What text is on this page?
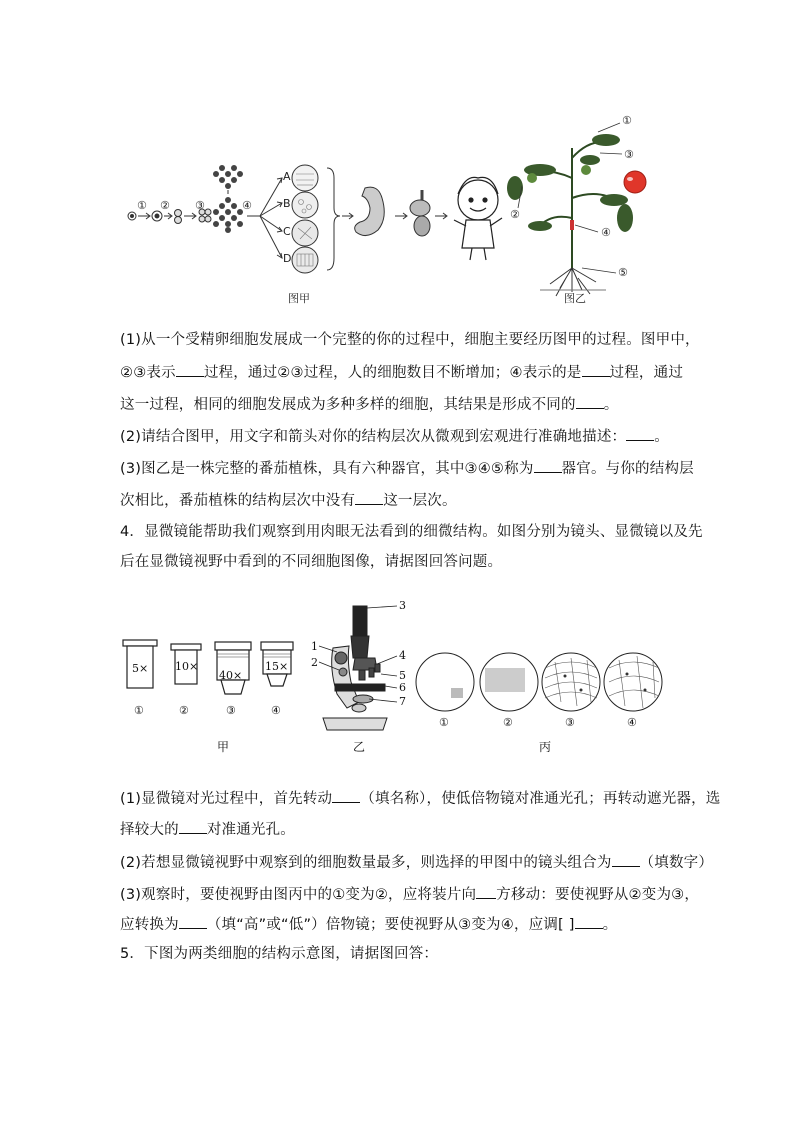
① ② ③	④
A
B
C
D
①
②
③
④
⑤
图甲	图乙
(1)从一个受精卵细胞发展成一个完整的你的过程中，细胞主要经历图甲的过程。图甲中，
②③表示 过程，通过②③过程，人的细胞数目不断增加；④表示的是 过程，通过
这一过程，相同的细胞发展成为多种多样的细胞，其结果是形成不同的 。
(2)请结合图甲，用文字和箭头对你的结构层次从微观到宏观进行准确地描述： 。
(3)图乙是一株完整的番茄植株，具有六种器官，其中③④⑤称为 器官。与你的结构层
次相比，番茄植株的结构层次中没有 这一层次。
4．显微镜能帮助我们观察到用肉眼无法看到的细微结构。如图分别为镜头、显微镜以及先
后在显微镜视野中看到的不同细胞图像，请据图回答问题。
5× 10×
40×
15×
①	②	③	④
3
1
2
4
5
6
7
①	②	③	④
甲	乙	丙
(1)显微镜对光过程中，首先转动 （填名称），使低倍物镜对准通光孔；再转动遮光器，选
择较大的 对准通光孔。
(2)若想显微镜视野中观察到的细胞数量最多，则选择的甲图中的镜头组合为 （填数字）
(3)观察时，要使视野由图丙中的①变为②，应将装片向 方移动：要使视野从②变为③，
应转换为 （填“高”或“低”）倍物镜；要使视野从③变为④，应调[ ] 。
5．下图为两类细胞的结构示意图，请据图回答：
